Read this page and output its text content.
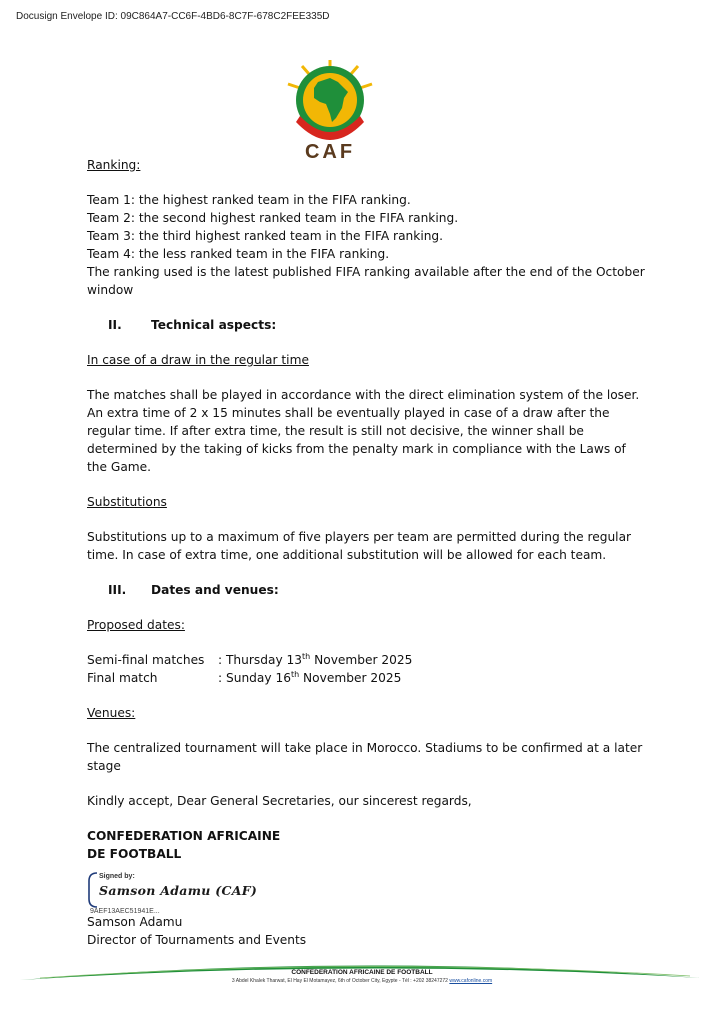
Docusign Envelope ID: 09C864A7-CC6F-4BD6-8C7F-678C2FEE335D
CAF

Ranking:

Team 1: the highest ranked team in the FIFA ranking.

Team 2: the second highest ranked team in the FIFA ranking.

Team 3: the third highest ranked team in the FIFA ranking.

Team 4: the less ranked team in the FIFA ranking.

The ranking used is the latest published FIFA ranking available after the end of the October window

II.	Technical aspects:

In case of a draw in the regular time

The matches shall be played in accordance with the direct elimination system of the loser. An extra time of 2 x 15 minutes shall be eventually played in case of a draw after the regular time. If after extra time, the result is still not decisive, the winner shall be determined by the taking of kicks from the penalty mark in compliance with the Laws of the Game.

Substitutions

Substitutions up to a maximum of five players per team are permitted during the regular time. In case of extra time, one additional substitution will be allowed for each team.

III.	Dates and venues:

Proposed dates:

Semi-final matches	: Thursday 13th November 2025
Final match	: Sunday 16th November 2025

Venues:

The centralized tournament will take place in Morocco. Stadiums to be confirmed at a later stage

Kindly accept, Dear General Secretaries, our sincerest regards,

CONFEDERATION AFRICAINE

DE FOOTBALL

Signed by:
Samson Adamu (CAF)
9AEF13AEC51941E...

Samson Adamu

Director of Tournaments and Events

CONFEDERATION AFRICAINE DE FOOTBALL
3 Abdel Khalek Tharwat, El Hay El Motamayez, 6th of October City, Egypte - Tél : +202 38247272 www.cafonline.com
